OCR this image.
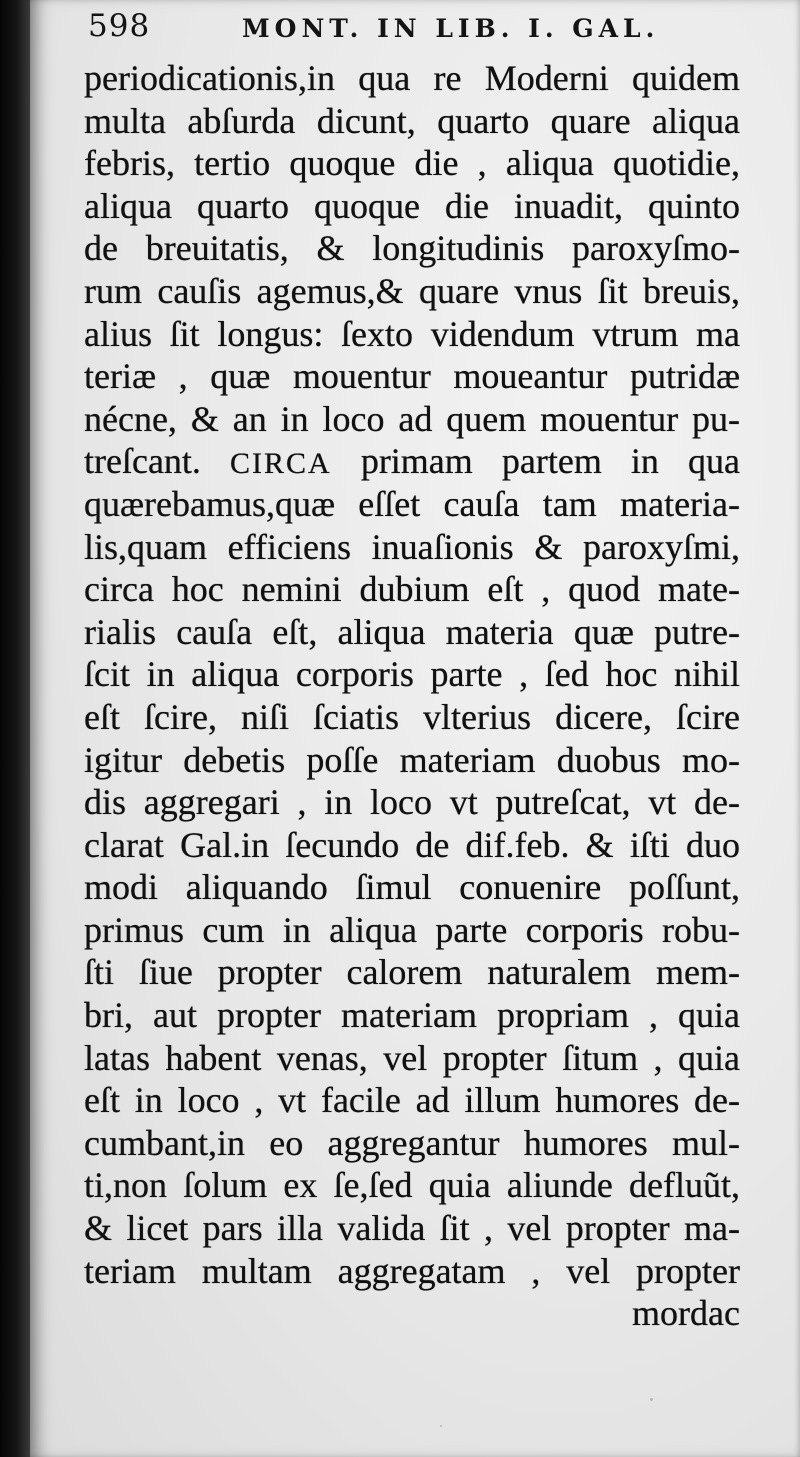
598	MONT. IN LIB. I. GAL.
periodicationis,in qua re Moderni quidem
multa abſurda dicunt, quarto quare aliqua
febris, tertio quoque die , aliqua quotidie,
aliqua quarto quoque die inuadit, quinto
de breuitatis, & longitudinis paroxyſmo-
rum cauſis agemus,& quare vnus ſit breuis,
alius ſit longus: ſexto videndum vtrum ma
teriæ , quæ mouentur moueantur putridæ
nécne, & an in loco ad quem mouentur pu-
treſcant. CIRCA primam partem in qua
quærebamus,quæ eſſet cauſa tam materia-
lis,quam efficiens inuaſionis & paroxyſmi,
circa hoc nemini dubium eſt , quod mate-
rialis cauſa eſt, aliqua materia quæ putre-
ſcit in aliqua corporis parte , ſed hoc nihil
eſt ſcire, niſi ſciatis vlterius dicere, ſcire
igitur debetis poſſe materiam duobus mo-
dis aggregari , in loco vt putreſcat, vt de-
clarat Gal.in ſecundo de dif.feb. & iſti duo
modi aliquando ſimul conuenire poſſunt,
primus cum in aliqua parte corporis robu-
ſti ſiue propter calorem naturalem mem-
bri, aut propter materiam propriam , quia
latas habent venas, vel propter ſitum , quia
eſt in loco , vt facile ad illum humores de-
cumbant,in eo aggregantur humores mul-
ti,non ſolum ex ſe,ſed quia aliunde defluũt,
& licet pars illa valida ſit , vel propter ma-
teriam multam aggregatam , vel propter
mordac
